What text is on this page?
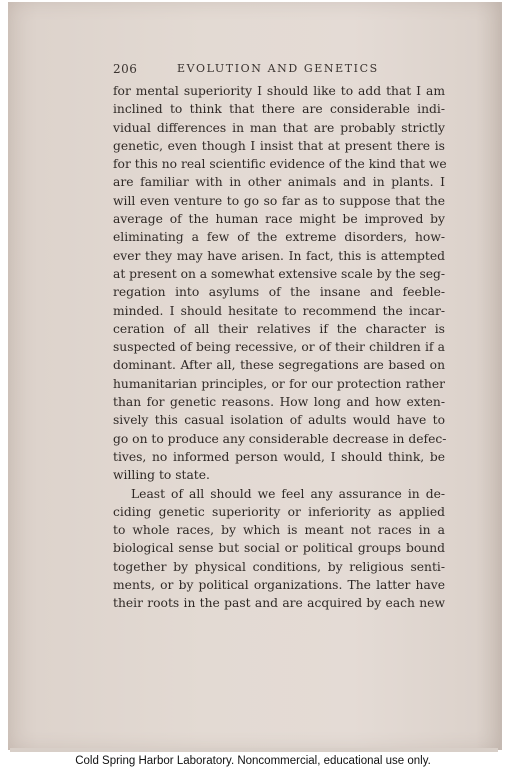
206	EVOLUTION AND GENETICS
for mental superiority I should like to add that I am
inclined to think that there are considerable indi-
vidual differences in man that are probably strictly
genetic, even though I insist that at present there is
for this no real scientific evidence of the kind that we
are familiar with in other animals and in plants. I
will even venture to go so far as to suppose that the
average of the human race might be improved by
eliminating a few of the extreme disorders, how-
ever they may have arisen. In fact, this is attempted
at present on a somewhat extensive scale by the seg-
regation into asylums of the insane and feeble-
minded. I should hesitate to recommend the incar-
ceration of all their relatives if the character is
suspected of being recessive, or of their children if a
dominant. After all, these segregations are based on
humanitarian principles, or for our protection rather
than for genetic reasons. How long and how exten-
sively this casual isolation of adults would have to
go on to produce any considerable decrease in defec-
tives, no informed person would, I should think, be
willing to state.
Least of all should we feel any assurance in de-
ciding genetic superiority or inferiority as applied
to whole races, by which is meant not races in a
biological sense but social or political groups bound
together by physical conditions, by religious senti-
ments, or by political organizations. The latter have
their roots in the past and are acquired by each new
Cold Spring Harbor Laboratory. Noncommercial, educational use only.
